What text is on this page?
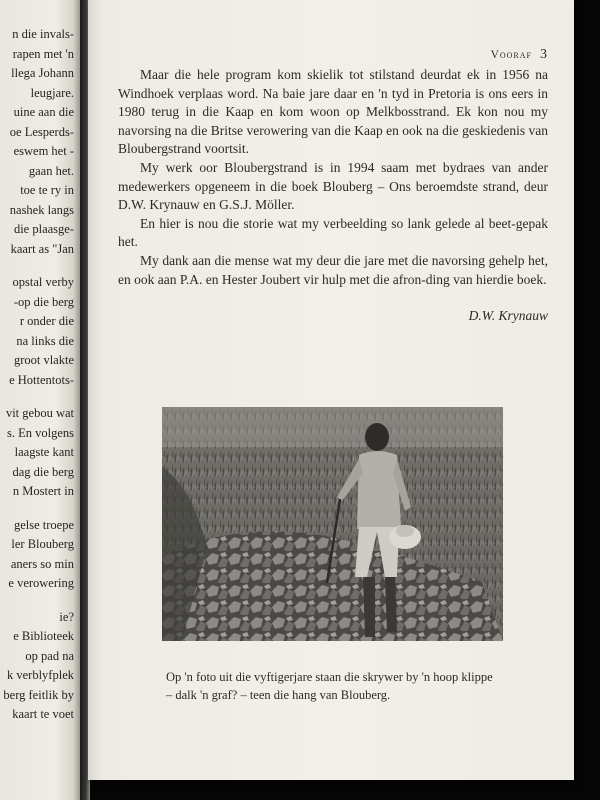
n die invals-
rapen met 'n
llega Johann
leugjare.
uine aan die
oe Lesperds-
eswem het -
gaan het.
toe te ry in
nashek langs
die plaasge-
kaart as "Jan
opstal verby
-op die berg
r onder die
na links die
groot vlakte
e Hottentots-
vit gebou wat
s. En volgens
laagste kant
dag die berg
n Mostert in
gelse troepe
ler Blouberg
aners so min
e verowering
ie?
e Biblioteek
op pad na
k verblyfplek
berg feitlik by
kaart te voet
Vooraf 3

Maar die hele program kom skielik tot stilstand deurdat ek in 1956 na Windhoek verplaas word. Na baie jare daar en 'n tyd in Pretoria is ons eers in 1980 terug in die Kaap en kom woon op Melkbosstrand. Ek kon nou my navorsing na die Britse verowering van die Kaap en ook na die geskiedenis van Bloubergstrand voortsit.

My werk oor Bloubergstrand is in 1994 saam met bydraes van ander medewerkers opgeneem in die boek Blouberg – Ons beroemdste strand, deur D.W. Krynauw en G.S.J. Möller.

En hier is nou die storie wat my verbeelding so lank gelede al beet-gepak het.

My dank aan die mense wat my deur die jare met die navorsing gehelp het, en ook aan P.A. en Hester Joubert vir hulp met die afron-ding van hierdie boek.

D.W. Krynauw
Op 'n foto uit die vyftigerjare staan die skrywer by 'n hoop klippe
– dalk 'n graf? – teen die hang van Blouberg.
